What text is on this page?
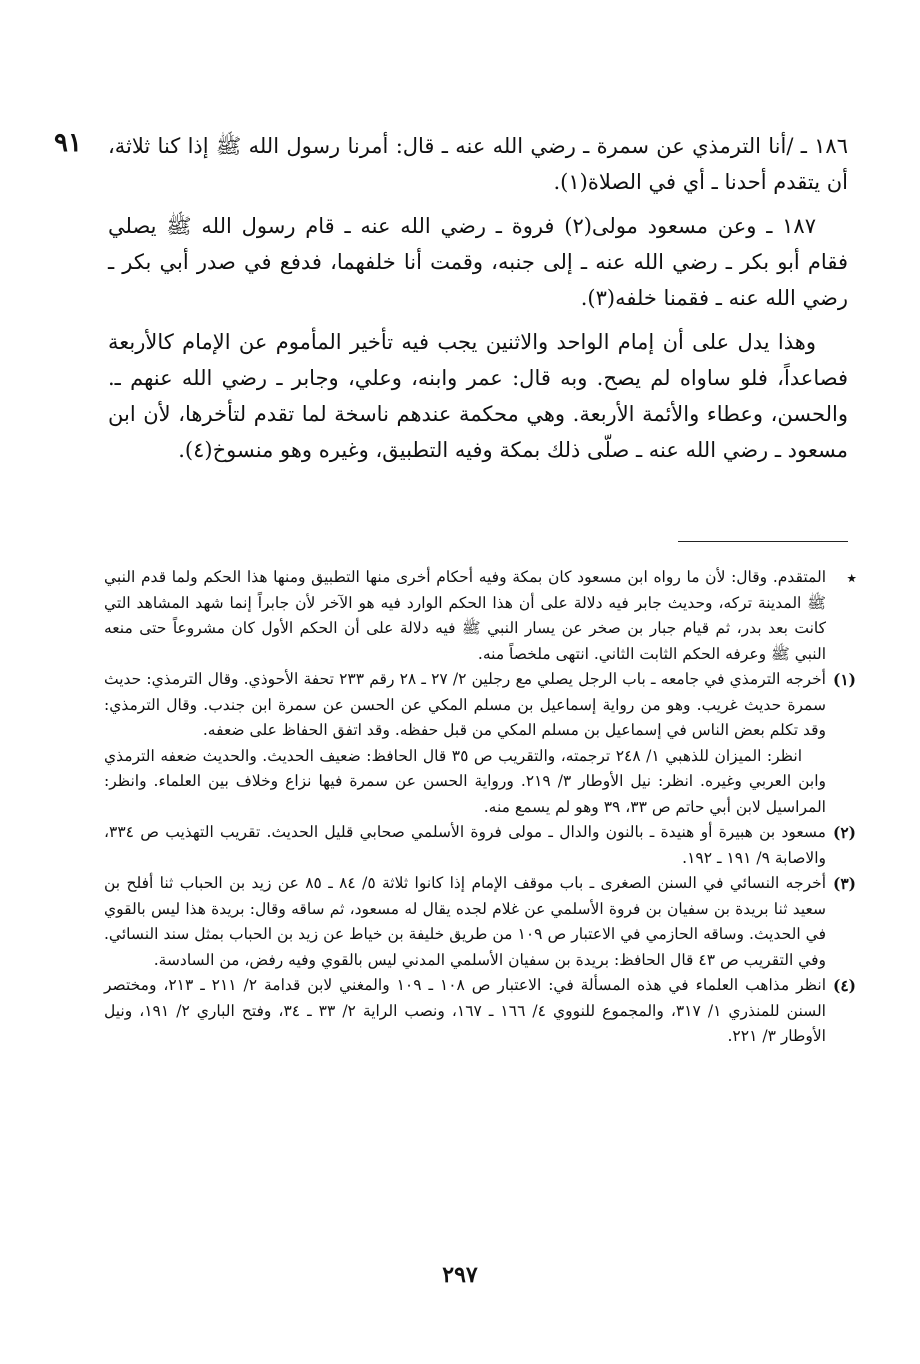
٩١ ١٨٦ ـ /أنا الترمذي عن سمرة ـ رضي الله عنه ـ قال: أمرنا رسول الله ﷺ إذا كنا ثلاثة، أن يتقدم أحدنا ـ أي في الصلاة(١).

١٨٧ ـ وعن مسعود مولى(٢) فروة ـ رضي الله عنه ـ قام رسول الله ﷺ يصلي فقام أبو بكر ـ رضي الله عنه ـ إلى جنبه، وقمت أنا خلفهما، فدفع في صدر أبي بكر ـ رضي الله عنه ـ فقمنا خلفه(٣).

وهذا يدل على أن إمام الواحد والاثنين يجب فيه تأخير المأموم عن الإمام كالأربعة فصاعداً، فلو ساواه لم يصح. وبه قال: عمر وابنه، وعلي، وجابر ـ رضي الله عنهم ـ. والحسن، وعطاء والأئمة الأربعة. وهي محكمة عندهم ناسخة لما تقدم لتأخرها، لأن ابن مسعود ـ رضي الله عنه ـ صلّى ذلك بمكة وفيه التطبيق، وغيره وهو منسوخ(٤).

٭
المتقدم. وقال: لأن ما رواه ابن مسعود كان بمكة وفيه أحكام أخرى منها التطبيق ومنها هذا الحكم ولما قدم النبي ﷺ المدينة تركه، وحديث جابر فيه دلالة على أن هذا الحكم الوارد فيه هو الآخر لأن جابراً إنما شهد المشاهد التي كانت بعد بدر، ثم قيام جبار بن صخر عن يسار النبي ﷺ فيه دلالة على أن الحكم الأول كان مشروعاً حتى منعه النبي ﷺ وعرفه الحكم الثابت الثاني. انتهى ملخصاً منه.
(١)
أخرجه الترمذي في جامعه ـ باب الرجل يصلي مع رجلين ٢/ ٢٧ ـ ٢٨ رقم ٢٣٣ تحفة الأحوذي. وقال الترمذي: حديث سمرة حديث غريب. وهو من رواية إسماعيل بن مسلم المكي عن الحسن عن سمرة ابن جندب. وقال الترمذي: وقد تكلم بعض الناس في إسماعيل بن مسلم المكي من قبل حفظه. وقد اتفق الحفاظ على ضعفه.

انظر: الميزان للذهبي ١/ ٢٤٨ ترجمته، والتقريب ص ٣٥ قال الحافظ: ضعيف الحديث. والحديث ضعفه الترمذي وابن العربي وغيره. انظر: نيل الأوطار ٣/ ٢١٩. ورواية الحسن عن سمرة فيها نزاع وخلاف بين العلماء. وانظر: المراسيل لابن أبي حاتم ص ٣٣، ٣٩ وهو لم يسمع منه.

(٢)
مسعود بن هبيرة أو هنيدة ـ بالنون والدال ـ مولى فروة الأسلمي صحابي قليل الحديث. تقريب التهذيب ص ٣٣٤، والاصابة ٩/ ١٩١ ـ ١٩٢.
(٣)
أخرجه النسائي في السنن الصغرى ـ باب موقف الإمام إذا كانوا ثلاثة ٥/ ٨٤ ـ ٨٥ عن زيد بن الحباب ثنا أفلح بن سعيد ثنا بريدة بن سفيان بن فروة الأسلمي عن غلام لجده يقال له مسعود، ثم ساقه وقال: بريدة هذا ليس بالقوي في الحديث. وساقه الحازمي في الاعتبار ص ١٠٩ من طريق خليفة بن خياط عن زيد بن الحباب بمثل سند النسائي. وفي التقريب ص ٤٣ قال الحافظ: بريدة بن سفيان الأسلمي المدني ليس بالقوي وفيه رفض، من السادسة.
(٤)
انظر مذاهب العلماء في هذه المسألة في: الاعتبار ص ١٠٨ ـ ١٠٩ والمغني لابن قدامة ٢/ ٢١١ ـ ٢١٣، ومختصر السنن للمنذري ١/ ٣١٧، والمجموع للنووي ٤/ ١٦٦ ـ ١٦٧، ونصب الراية ٢/ ٣٣ ـ ٣٤، وفتح الباري ٢/ ١٩١، ونيل الأوطار ٣/ ٢٢١.
٢٩٧
